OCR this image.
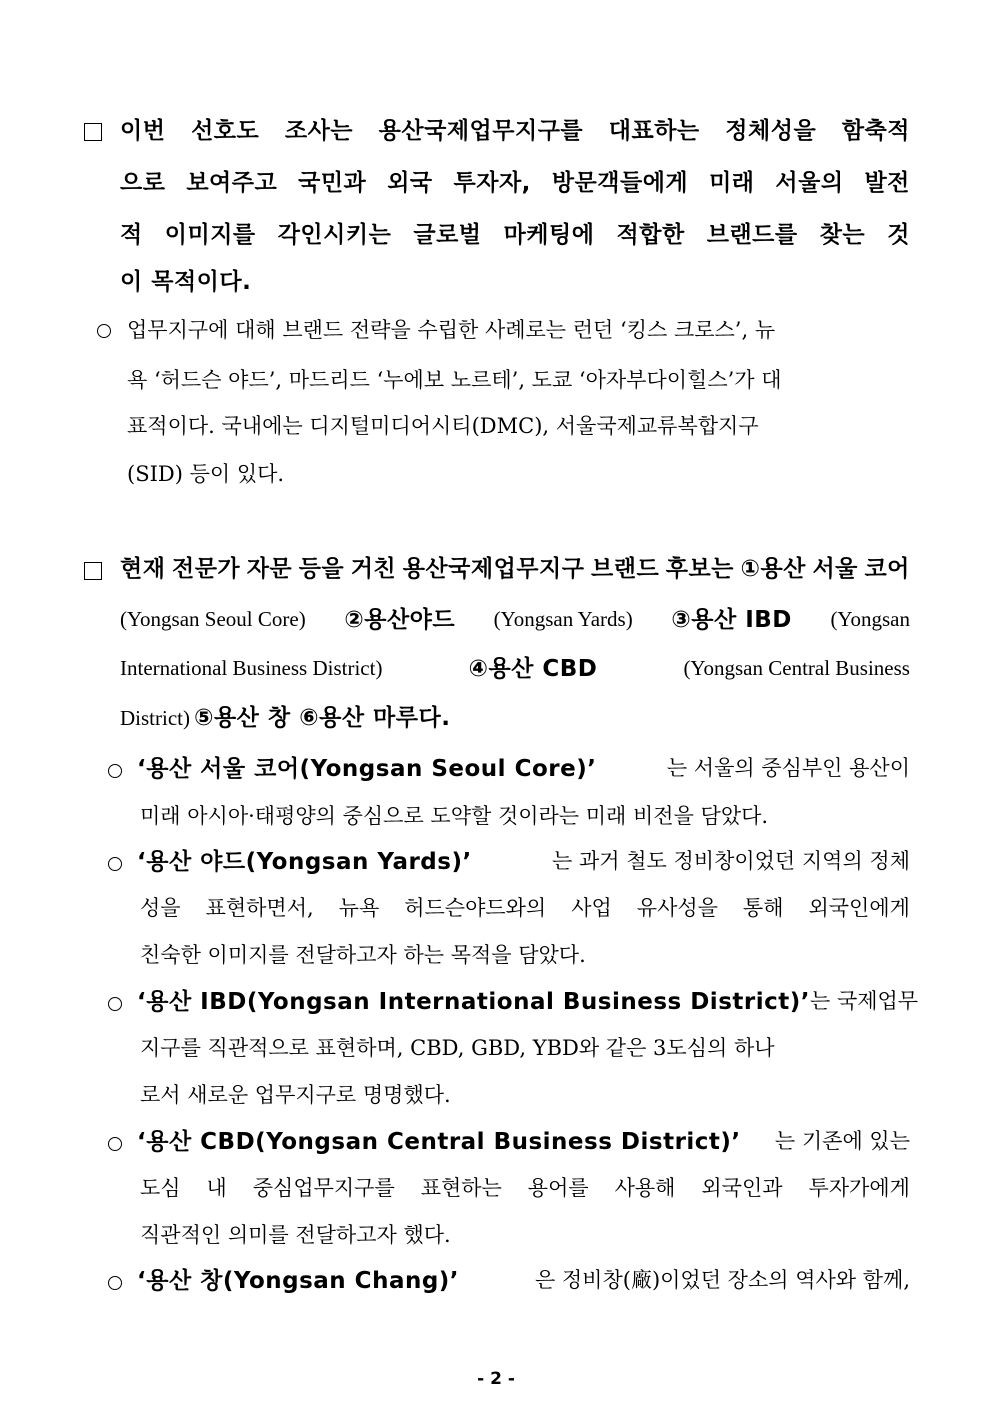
이번 선호도 조사는 용산국제업무지구를 대표하는 정체성을 함축적
으로 보여주고 국민과 외국 투자자, 방문객들에게 미래 서울의 발전
적 이미지를 각인시키는 글로벌 마케팅에 적합한 브랜드를 찾는 것
이 목적이다.
업무지구에 대해 브랜드 전략을 수립한 사례로는 런던 ‘킹스 크로스’, 뉴
욕 ‘허드슨 야드’, 마드리드 ‘누에보 노르테’, 도쿄 ‘아자부다이힐스’가 대
표적이다. 국내에는 디지털미디어시티(DMC), 서울국제교류복합지구
(SID) 등이 있다.
현재 전문가 자문 등을 거친 용산국제업무지구 브랜드 후보는 ①용산 서울 코어
(Yongsan Seoul Core) ②용산야드 (Yongsan Yards) ③용산 IBD (Yongsan
International Business District)	④용산 CBD	(Yongsan Central Business
District) ⑤용산 창 ⑥용산 마루다.
‘용산 서울 코어(Yongsan Seoul Core)’	는 서울의 중심부인 용산이
미래 아시아·태평양의 중심으로 도약할 것이라는 미래 비전을 담았다.
‘용산 야드(Yongsan Yards)’	는 과거 철도 정비창이었던 지역의 정체
성을 표현하면서, 뉴욕 허드슨야드와의 사업 유사성을 통해 외국인에게
친숙한 이미지를 전달하고자 하는 목적을 담았다.
‘용산 IBD(Yongsan International Business District)’ 는 국제업무
지구를 직관적으로 표현하며, CBD, GBD, YBD와 같은 3도심의 하나
로서 새로운 업무지구로 명명했다.
‘용산 CBD(Yongsan Central Business District)’ 는 기존에 있는
도심 내 중심업무지구를 표현하는 용어를 사용해 외국인과 투자가에게
직관적인 의미를 전달하고자 했다.
‘용산 창(Yongsan Chang)’	은 정비창(廠)이었던 장소의 역사와 함께,
- 2 -
